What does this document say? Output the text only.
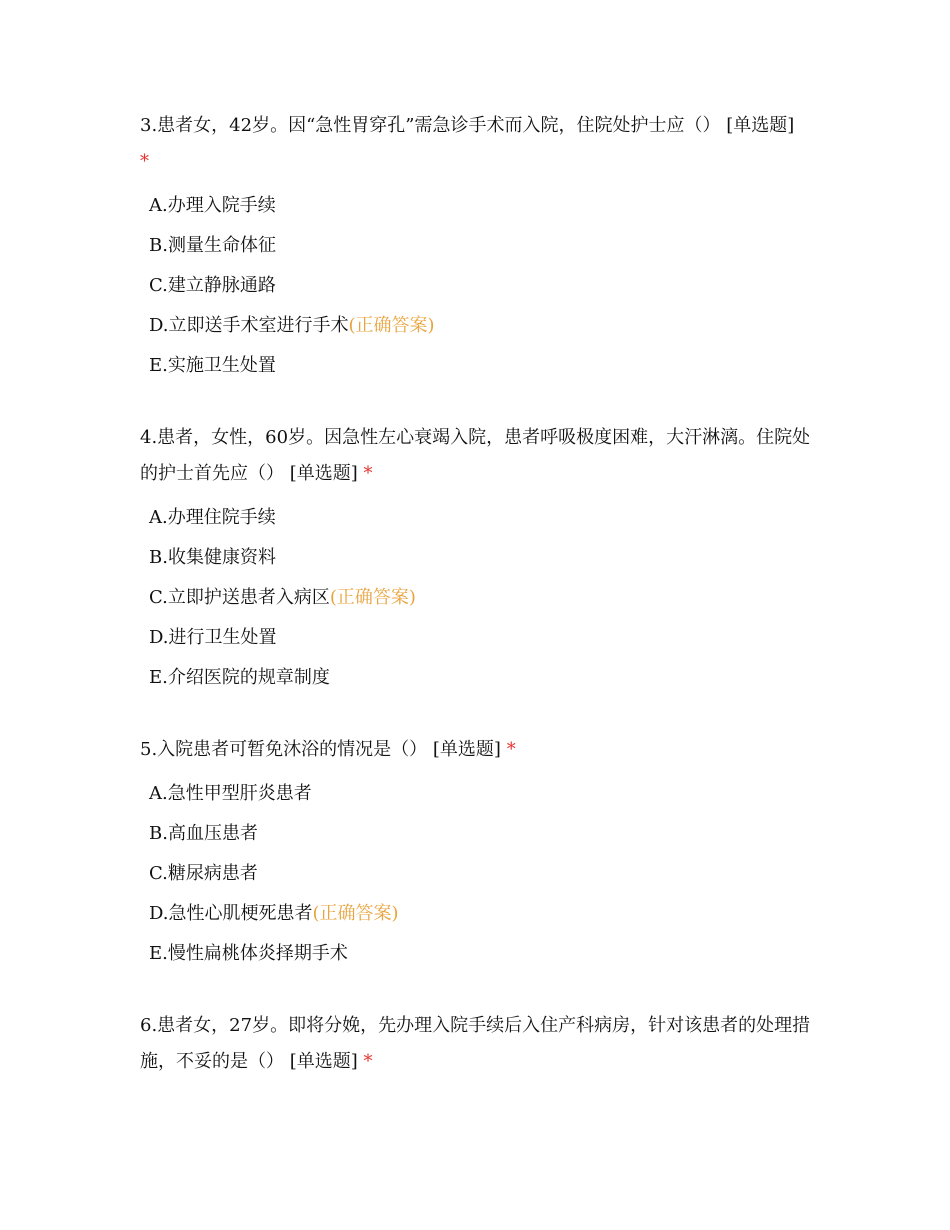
3.患者女，42岁。因“急性胃穿孔”需急诊手术而入院，住院处护士应（） [单选题]
*

A.办理入院手续
B.测量生命体征
C.建立静脉通路
D.立即送手术室进行手术(正确答案)
E.实施卫生处置

4.患者，女性，60岁。因急性左心衰竭入院，患者呼吸极度困难，大汗淋漓。住院处的护士首先应（） [单选题] *

A.办理住院手续
B.收集健康资料
C.立即护送患者入病区(正确答案)
D.进行卫生处置
E.介绍医院的规章制度

5.入院患者可暂免沐浴的情况是（） [单选题] *

A.急性甲型肝炎患者
B.高血压患者
C.糖尿病患者
D.急性心肌梗死患者(正确答案)
E.慢性扁桃体炎择期手术

6.患者女，27岁。即将分娩，先办理入院手续后入住产科病房，针对该患者的处理措施，不妥的是（） [单选题] *
